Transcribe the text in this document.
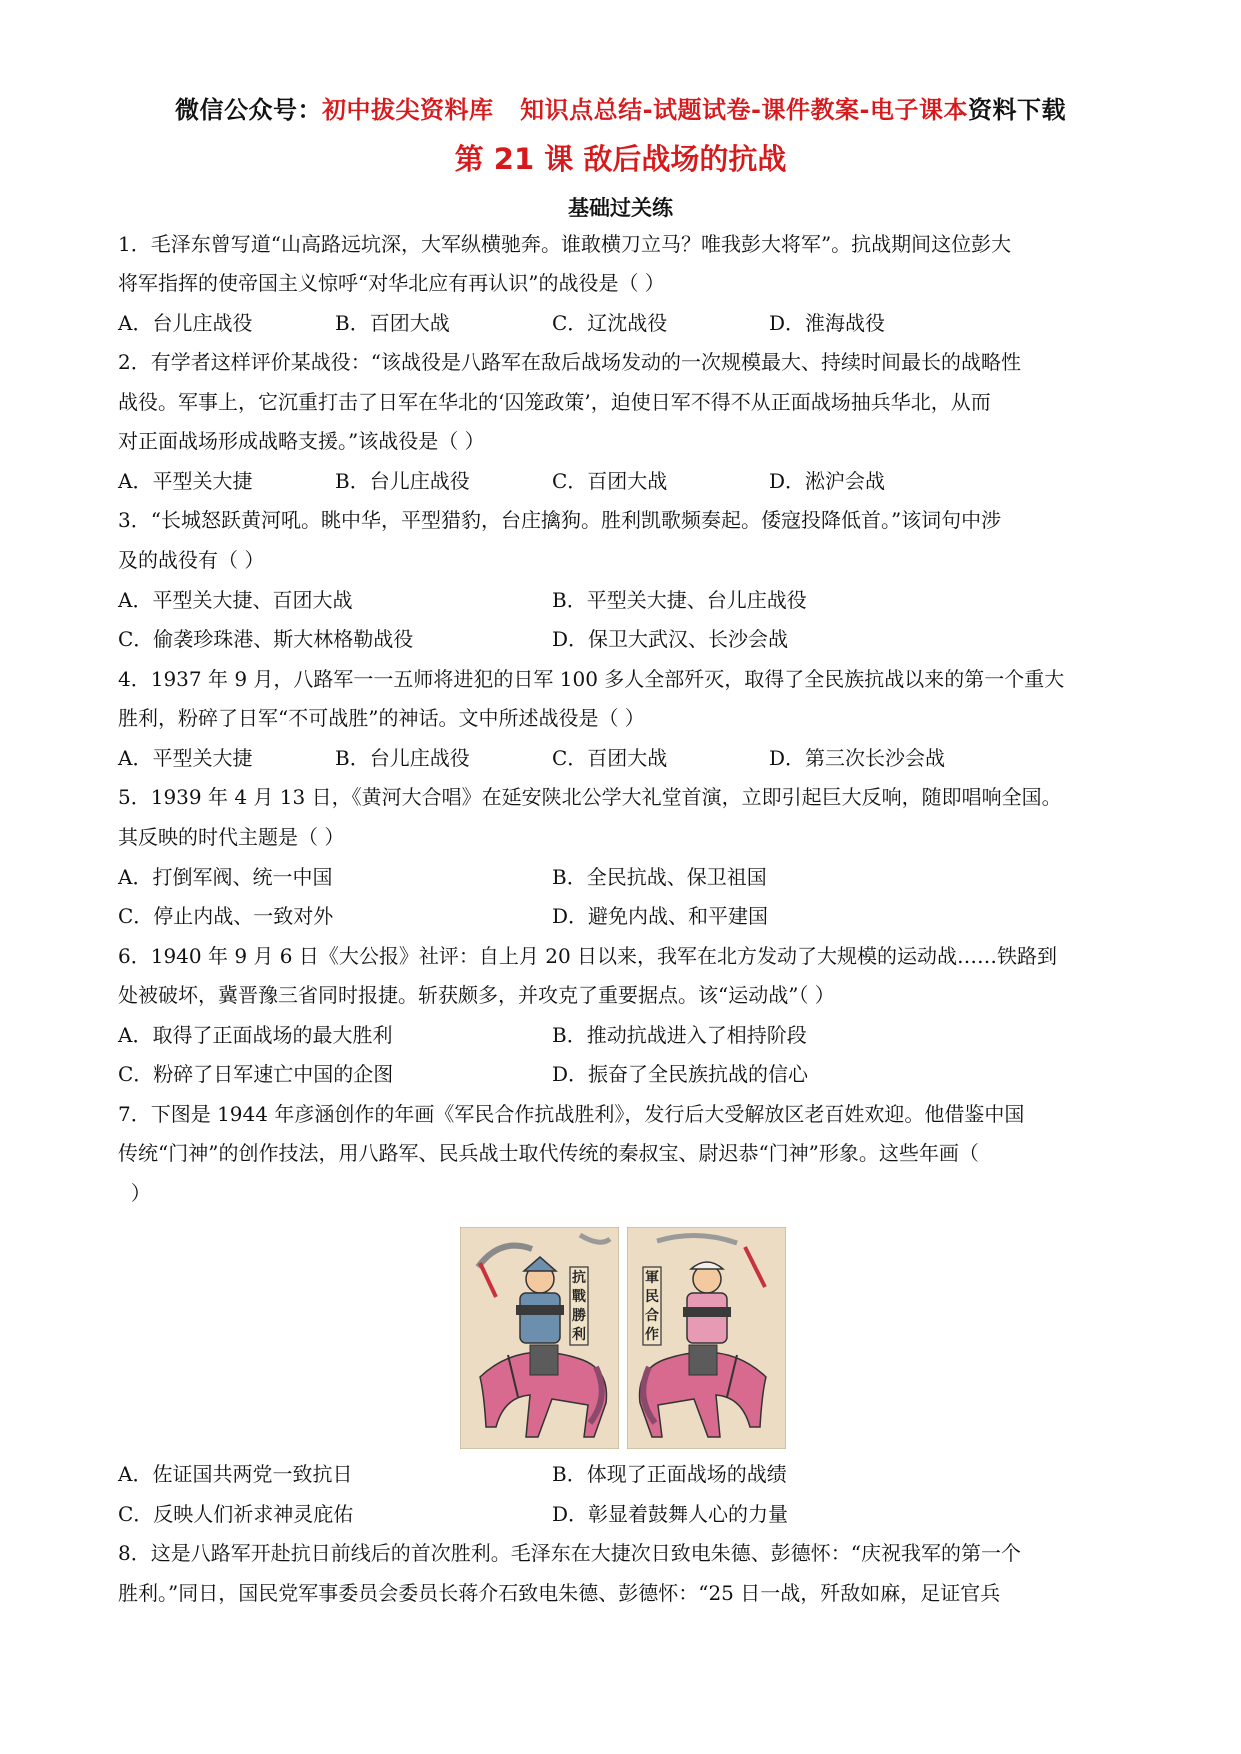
微信公众号：初中拔尖资料库   知识点总结-试题试卷-课件教案-电子课本资料下载
第 21 课 敌后战场的抗战
基础过关练
1．毛泽东曾写道“山高路远坑深，大军纵横驰奔。谁敢横刀立马？唯我彭大将军”。抗战期间这位彭大
将军指挥的使帝国主义惊呼“对华北应有再认识”的战役是（ ）
A．台儿庄战役	B．百团大战	C．辽沈战役	D．淮海战役
2．有学者这样评价某战役：“该战役是八路军在敌后战场发动的一次规模最大、持续时间最长的战略性
战役。军事上，它沉重打击了日军在华北的‘囚笼政策’，迫使日军不得不从正面战场抽兵华北，从而
对正面战场形成战略支援。”该战役是（ ）
A．平型关大捷	B．台儿庄战役	C．百团大战	D．淞沪会战
3．“长城怒跃黄河吼。眺中华，平型猎豹，台庄擒狗。胜利凯歌频奏起。倭寇投降低首。”该词句中涉
及的战役有（ ）
A．平型关大捷、百团大战	B．平型关大捷、台儿庄战役
C．偷袭珍珠港、斯大林格勒战役	D．保卫大武汉、长沙会战
4．1937 年 9 月，八路军一一五师将进犯的日军 100 多人全部歼灭，取得了全民族抗战以来的第一个重大
胜利，粉碎了日军“不可战胜”的神话。文中所述战役是（ ）
A．平型关大捷	B．台儿庄战役	C．百团大战	D．第三次长沙会战
5．1939 年 4 月 13 日，《黄河大合唱》在延安陕北公学大礼堂首演，立即引起巨大反响，随即唱响全国。
其反映的时代主题是（ ）
A．打倒军阀、统一中国	B．全民抗战、保卫祖国
C．停止内战、一致对外	D．避免内战、和平建国
6．1940 年 9 月 6 日《大公报》社评：自上月 20 日以来，我军在北方发动了大规模的运动战……铁路到
处被破坏，冀晋豫三省同时报捷。斩获颇多，并攻克了重要据点。该“运动战”（ ）
A．取得了正面战场的最大胜利	B．推动抗战进入了相持阶段
C．粉碎了日军速亡中国的企图	D．振奋了全民族抗战的信心
7．下图是 1944 年彦涵创作的年画《军民合作抗战胜利》，发行后大受解放区老百姓欢迎。他借鉴中国
传统“门神”的创作技法，用八路军、民兵战士取代传统的秦叔宝、尉迟恭“门神”形象。这些年画（
）
抗戰勝利
軍民合作
A．佐证国共两党一致抗日	B．体现了正面战场的战绩
C．反映人们祈求神灵庇佑	D．彰显着鼓舞人心的力量
8．这是八路军开赴抗日前线后的首次胜利。毛泽东在大捷次日致电朱德、彭德怀：“庆祝我军的第一个
胜利。”同日，国民党军事委员会委员长蒋介石致电朱德、彭德怀：“25 日一战，歼敌如麻，足证官兵
